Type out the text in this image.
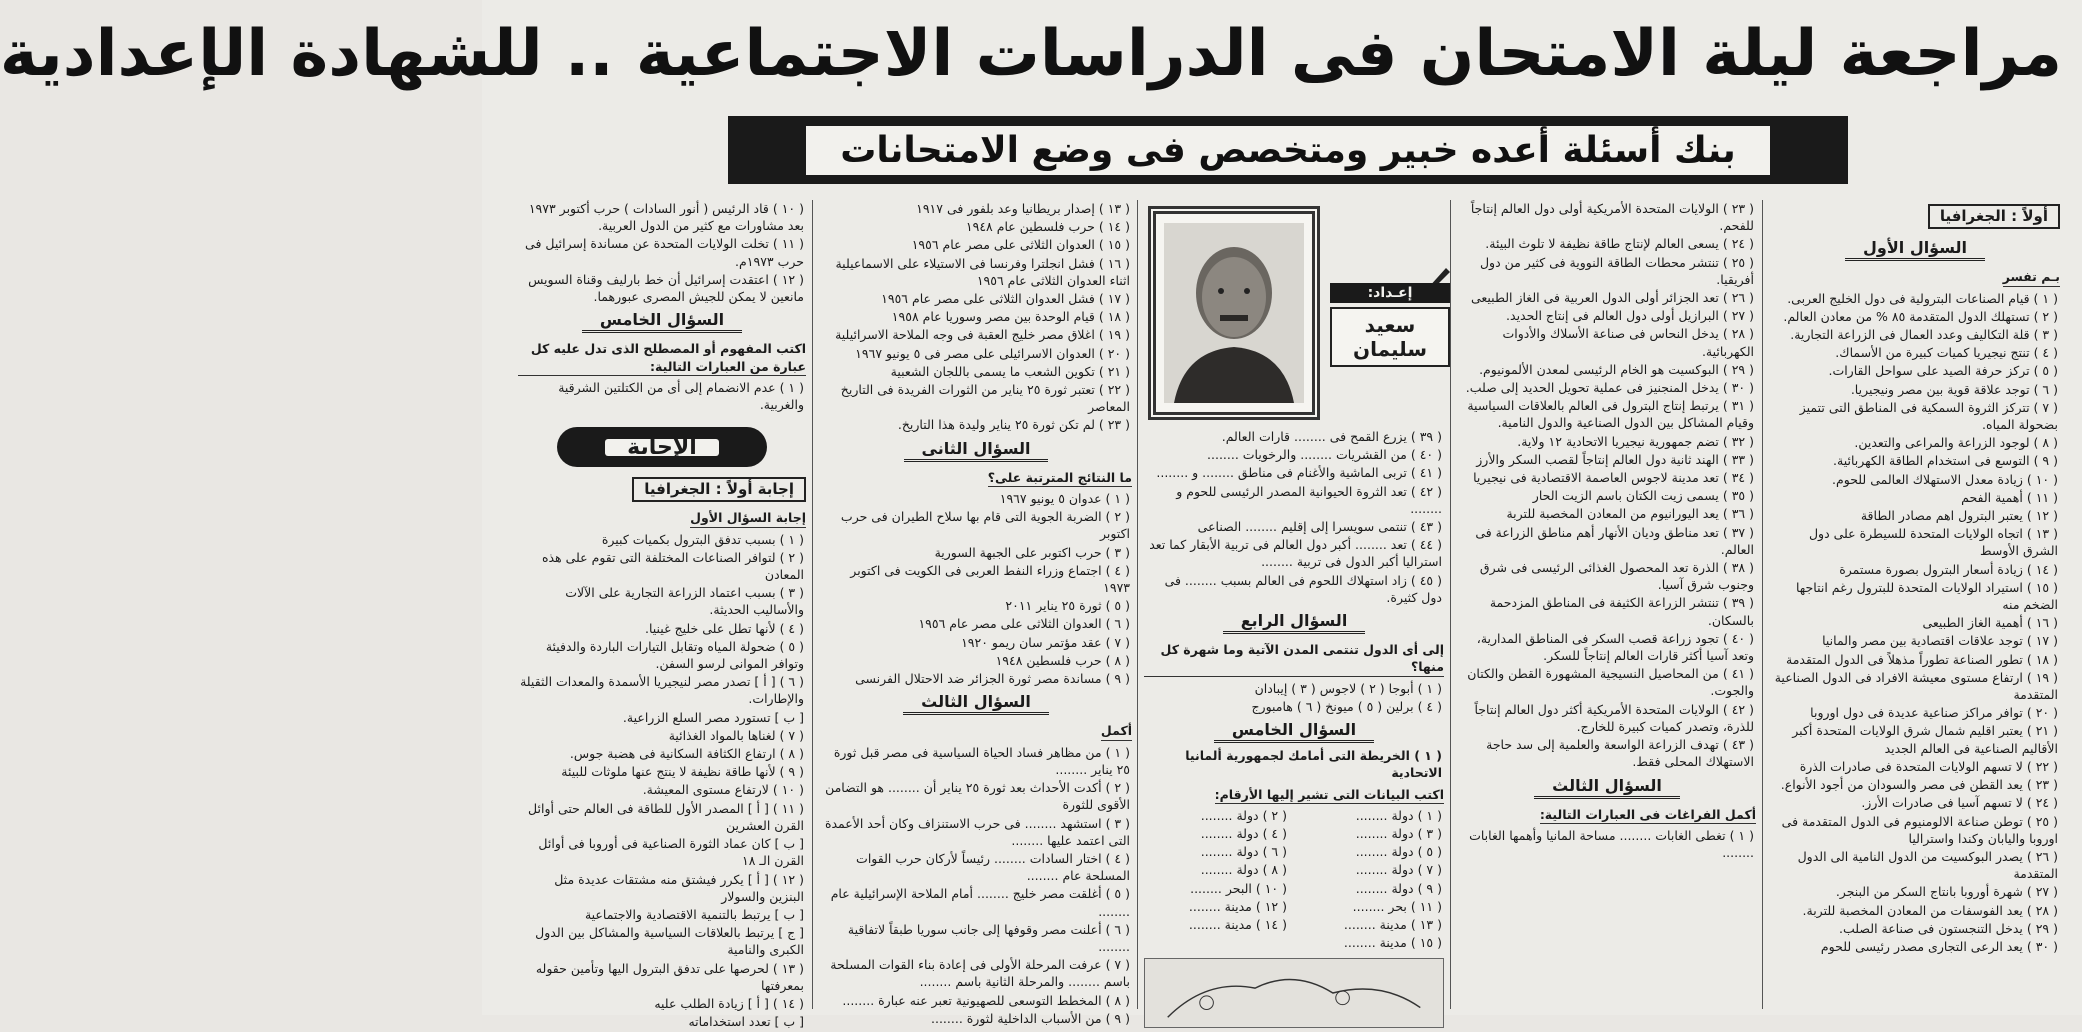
مراجعة ليلة الامتحان فى الدراسات الاجتماعية .. للشهادة الإعدادية
بنك أسئلة أعده خبير ومتخصص فى وضع الامتحانات
أولاً : الجغرافيا
السؤال الأول
بـم تفسر

( ١ ) قيام الصناعات البترولية فى دول الخليج العربى.

( ٢ ) تستهلك الدول المتقدمة ٨٥ % من معادن العالم.

( ٣ ) قلة التكاليف وعدد العمال فى الزراعة التجارية.

( ٤ ) تنتج نيجيريا كميات كبيرة من الأسماك.

( ٥ ) تركز حرفة الصيد على سواحل القارات.

( ٦ ) توجد علاقة قوية بين مصر ونيجيريا.

( ٧ ) تتركز الثروة السمكية فى المناطق التى تتميز بضحولة المياه.

( ٨ ) لوجود الزراعة والمراعى والتعدين.

( ٩ ) التوسع فى استخدام الطاقة الكهربائية.

( ١٠ ) زيادة معدل الاستهلاك العالمى للحوم.

( ١١ ) أهمية الفحم

( ١٢ ) يعتبر البترول اهم مصادر الطاقة

( ١٣ ) اتجاه الولايات المتحدة للسيطرة على دول الشرق الأوسط

( ١٤ ) زيادة أسعار البترول بصورة مستمرة

( ١٥ ) استيراد الولايات المتحدة للبترول رغم انتاجها الضخم منه

( ١٦ ) أهمية الغاز الطبيعى

( ١٧ ) توجد علاقات اقتصادية بين مصر والمانيا

( ١٨ ) تطور الصناعة تطوراً مذهلاً فى الدول المتقدمة

( ١٩ ) ارتفاع مستوى معيشة الافراد فى الدول الصناعية المتقدمة

( ٢٠ ) توافر مراكز صناعية عديدة فى دول اوروبا

( ٢١ ) يعتبر اقليم شمال شرق الولايات المتحدة أكبر الأقاليم الصناعية فى العالم الجديد

( ٢٢ ) لا تسهم الولايات المتحدة فى صادرات الذرة

( ٢٣ ) يعد القطن فى مصر والسودان من أجود الأنواع.

( ٢٤ ) لا تسهم آسيا فى صادرات الأرز.

( ٢٥ ) توطن صناعة الالومنيوم فى الدول المتقدمة فى اوروبا واليابان وكندا واستراليا

( ٢٦ ) يصدر البوكسيت من الدول النامية الى الدول المتقدمة

( ٢٧ ) شهرة أوروبا بانتاج السكر من البنجر.

( ٢٨ ) يعد الفوسفات من المعادن المخصبة للتربة.

( ٢٩ ) يدخل التنجستون فى صناعة الصلب.

( ٣٠ ) يعد الرعى التجارى مصدر رئيسى للحوم

( ٢٣ ) الولايات المتحدة الأمريكية أولى دول العالم إنتاجاً للفحم.

( ٢٤ ) يسعى العالم لإنتاج طاقة نظيفة لا تلوث البيئة.

( ٢٥ ) تنتشر محطات الطاقة النووية فى كثير من دول أفريقيا.

( ٢٦ ) تعد الجزائر أولى الدول العربية فى الغاز الطبيعى

( ٢٧ ) البرازيل أولى دول العالم فى إنتاج الحديد.

( ٢٨ ) يدخل النحاس فى صناعة الأسلاك والأدوات الكهربائية.

( ٢٩ ) البوكسيت هو الخام الرئيسى لمعدن الألمونيوم.

( ٣٠ ) يدخل المنجنيز فى عملية تحويل الحديد إلى صلب.

( ٣١ ) يرتبط إنتاج البترول فى العالم بالعلاقات السياسية وقيام المشاكل بين الدول الصناعية والدول النامية.

( ٣٢ ) تضم جمهورية نيجيريا الاتحادية ١٢ ولاية.

( ٣٣ ) الهند ثانية دول العالم إنتاجاً لقصب السكر والأرز

( ٣٤ ) تعد مدينة لاجوس العاصمة الاقتصادية فى نيجيريا

( ٣٥ ) يسمى زيت الكتان باسم الزيت الحار

( ٣٦ ) يعد اليورانيوم من المعادن المخصبة للتربة

( ٣٧ ) تعد مناطق وديان الأنهار أهم مناطق الزراعة فى العالم.

( ٣٨ ) الذرة تعد المحصول الغذائى الرئيسى فى شرق وجنوب شرق آسيا.

( ٣٩ ) تنتشر الزراعة الكثيفة فى المناطق المزدحمة بالسكان.

( ٤٠ ) تجود زراعة قصب السكر فى المناطق المدارية، وتعد آسيا أكثر قارات العالم إنتاجاً للسكر.

( ٤١ ) من المحاصيل النسيجية المشهورة القطن والكتان والجوت.

( ٤٢ ) الولايات المتحدة الأمريكية أكثر دول العالم إنتاجاً للذرة، وتصدر كميات كبيرة للخارج.

( ٤٣ ) تهدف الزراعة الواسعة والعلمية إلى سد حاجة الاستهلاك المحلى فقط.

السؤال الثالث
أكمل الفراغات فى العبارات التالية:

( ١ ) تغطى الغابات ........ مساحة المانيا وأهمها الغابات ........

إعـداد:
سعيد سليمان

( ٣٩ ) يزرع القمح فى ........ قارات العالم.

( ٤٠ ) من القشريات ........ والرخويات ........

( ٤١ ) تربى الماشية والأغنام فى مناطق ........ و ........

( ٤٢ ) تعد الثروة الحيوانية المصدر الرئيسى للحوم و ........

( ٤٣ ) تنتمى سويسرا إلى إقليم ........ الصناعى

( ٤٤ ) تعد ........ أكبر دول العالم فى تربية الأبقار كما تعد استراليا أكبر الدول فى تربية ........

( ٤٥ ) زاد استهلاك اللحوم فى العالم بسبب ........ فى دول كثيرة.

السؤال الرابع
إلى أى الدول تنتمى المدن الآتية وما شهرة كل منها؟

( ١ ) أبوجا ( ٢ ) لاجوس ( ٣ ) إيبادان

( ٤ ) برلين ( ٥ ) ميونخ ( ٦ ) هامبورج

السؤال الخامس

( ١ ) الخريطة التى أمامك لجمهورية ألمانيا الاتحادية

اكتب البيانات التى تشير إليها الأرقام:

( ١ ) دولة ........

( ٢ ) دولة ........

( ٣ ) دولة ........

( ٤ ) دولة ........

( ٥ ) دولة ........

( ٦ ) دولة ........

( ٧ ) دولة ........

( ٨ ) دولة ........

( ٩ ) دولة ........

( ١٠ ) البحر ........

( ١١ ) بحر ........

( ١٢ ) مدينة ........

( ١٣ ) مدينة ........

( ١٤ ) مدينة ........

( ١٥ ) مدينة ........

( ١٣ ) إصدار بريطانيا وعد بلفور فى ١٩١٧

( ١٤ ) حرب فلسطين عام ١٩٤٨

( ١٥ ) العدوان الثلاثى على مصر عام ١٩٥٦

( ١٦ ) فشل انجلترا وفرنسا فى الاستيلاء على الاسماعيلية اثناء العدوان الثلاثى عام ١٩٥٦

( ١٧ ) فشل العدوان الثلاثى على مصر عام ١٩٥٦

( ١٨ ) قيام الوحدة بين مصر وسوريا عام ١٩٥٨

( ١٩ ) اغلاق مصر خليج العقبة فى وجه الملاحة الاسرائيلية

( ٢٠ ) العدوان الاسرائيلى على مصر فى ٥ يونيو ١٩٦٧

( ٢١ ) تكوين الشعب ما يسمى باللجان الشعبية

( ٢٢ ) تعتبر ثورة ٢٥ يناير من الثورات الفريدة فى التاريخ المعاصر

( ٢٣ ) لم تكن ثورة ٢٥ يناير وليدة هذا التاريخ.

السؤال الثانى
ما النتائج المترتبة على؟

( ١ ) عدوان ٥ يونيو ١٩٦٧

( ٢ ) الضربة الجوية التى قام بها سلاح الطيران فى حرب اكتوبر

( ٣ ) حرب اكتوبر على الجبهة السورية

( ٤ ) اجتماع وزراء النفط العربى فى الكويت فى اكتوبر ١٩٧٣

( ٥ ) ثورة ٢٥ يناير ٢٠١١

( ٦ ) العدوان الثلاثى على مصر عام ١٩٥٦

( ٧ ) عقد مؤتمر سان ريمو ١٩٢٠

( ٨ ) حرب فلسطين ١٩٤٨

( ٩ ) مساندة مصر ثورة الجزائر ضد الاحتلال الفرنسى

السؤال الثالث
أكمل

( ١ ) من مظاهر فساد الحياة السياسية فى مصر قبل ثورة ٢٥ يناير ........

( ٢ ) أكدت الأحداث بعد ثورة ٢٥ يناير أن ........ هو التضامن الأقوى للثورة

( ٣ ) استشهد ........ فى حرب الاستنزاف وكان أحد الأعمدة التى اعتمد عليها ........

( ٤ ) اختار السادات ........ رئيساً لأركان حرب القوات المسلحة عام ........

( ٥ ) أغلقت مصر خليج ........ أمام الملاحة الإسرائيلية عام ........

( ٦ ) أعلنت مصر وقوفها إلى جانب سوريا طبقاً لاتفاقية ........

( ٧ ) عرفت المرحلة الأولى فى إعادة بناء القوات المسلحة باسم ........ والمرحلة الثانية باسم ........

( ٨ ) المخطط التوسعى للصهيونية تعبر عنه عبارة ........

( ٩ ) من الأسباب الداخلية لثورة ........

( ١٠ ) قاد الرئيس ( أنور السادات ) حرب أكتوبر ١٩٧٣ بعد مشاورات مع كثير من الدول العربية.

( ١١ ) تخلت الولايات المتحدة عن مساندة إسرائيل فى حرب ١٩٧٣م.

( ١٢ ) اعتقدت إسرائيل أن خط بارليف وقناة السويس مانعين لا يمكن للجيش المصرى عبورهما.

السؤال الخامس
اكتب المفهوم أو المصطلح الذى تدل عليه كل عبارة من العبارات التالية:

( ١ ) عدم الانضمام إلى أى من الكتلتين الشرقية والغربية.

الإجابة
إجابة أولاً : الجغرافيا
إجابة السؤال الأول

( ١ ) بسبب تدفق البترول بكميات كبيرة

( ٢ ) لتوافر الصناعات المختلفة التى تقوم على هذه المعادن

( ٣ ) بسبب اعتماد الزراعة التجارية على الآلات والأساليب الحديثة.

( ٤ ) لأنها تطل على خليج غينيا.

( ٥ ) ضحولة المياه وتقابل التيارات الباردة والدفيئة وتوافر الموانى لرسو السفن.

( ٦ ) [ أ ] تصدر مصر لنيجيريا الأسمدة والمعدات الثقيلة والإطارات.

[ ب ] تستورد مصر السلع الزراعية.

( ٧ ) لغناها بالمواد الغذائية

( ٨ ) ارتفاع الكثافة السكانية فى هضبة جوس.

( ٩ ) لأنها طاقة نظيفة لا ينتج عنها ملوثات للبيئة

( ١٠ ) لارتفاع مستوى المعيشة.

( ١١ ) [ أ ] المصدر الأول للطاقة فى العالم حتى أوائل القرن العشرين

[ ب ] كان عماد الثورة الصناعية فى أوروبا فى أوائل القرن الـ ١٨

( ١٢ ) [ أ ] يكرر فيشتق منه مشتقات عديدة مثل البنزين والسولار

[ ب ] يرتبط بالتنمية الاقتصادية والاجتماعية

[ ج ] يرتبط بالعلاقات السياسية والمشاكل بين الدول الكبرى والنامية

( ١٣ ) لحرصها على تدفق البترول اليها وتأمين حقوله بمعرفتها

( ١٤ ) [ أ ] زيادة الطلب عليه

[ ب ] تعدد استخداماته
